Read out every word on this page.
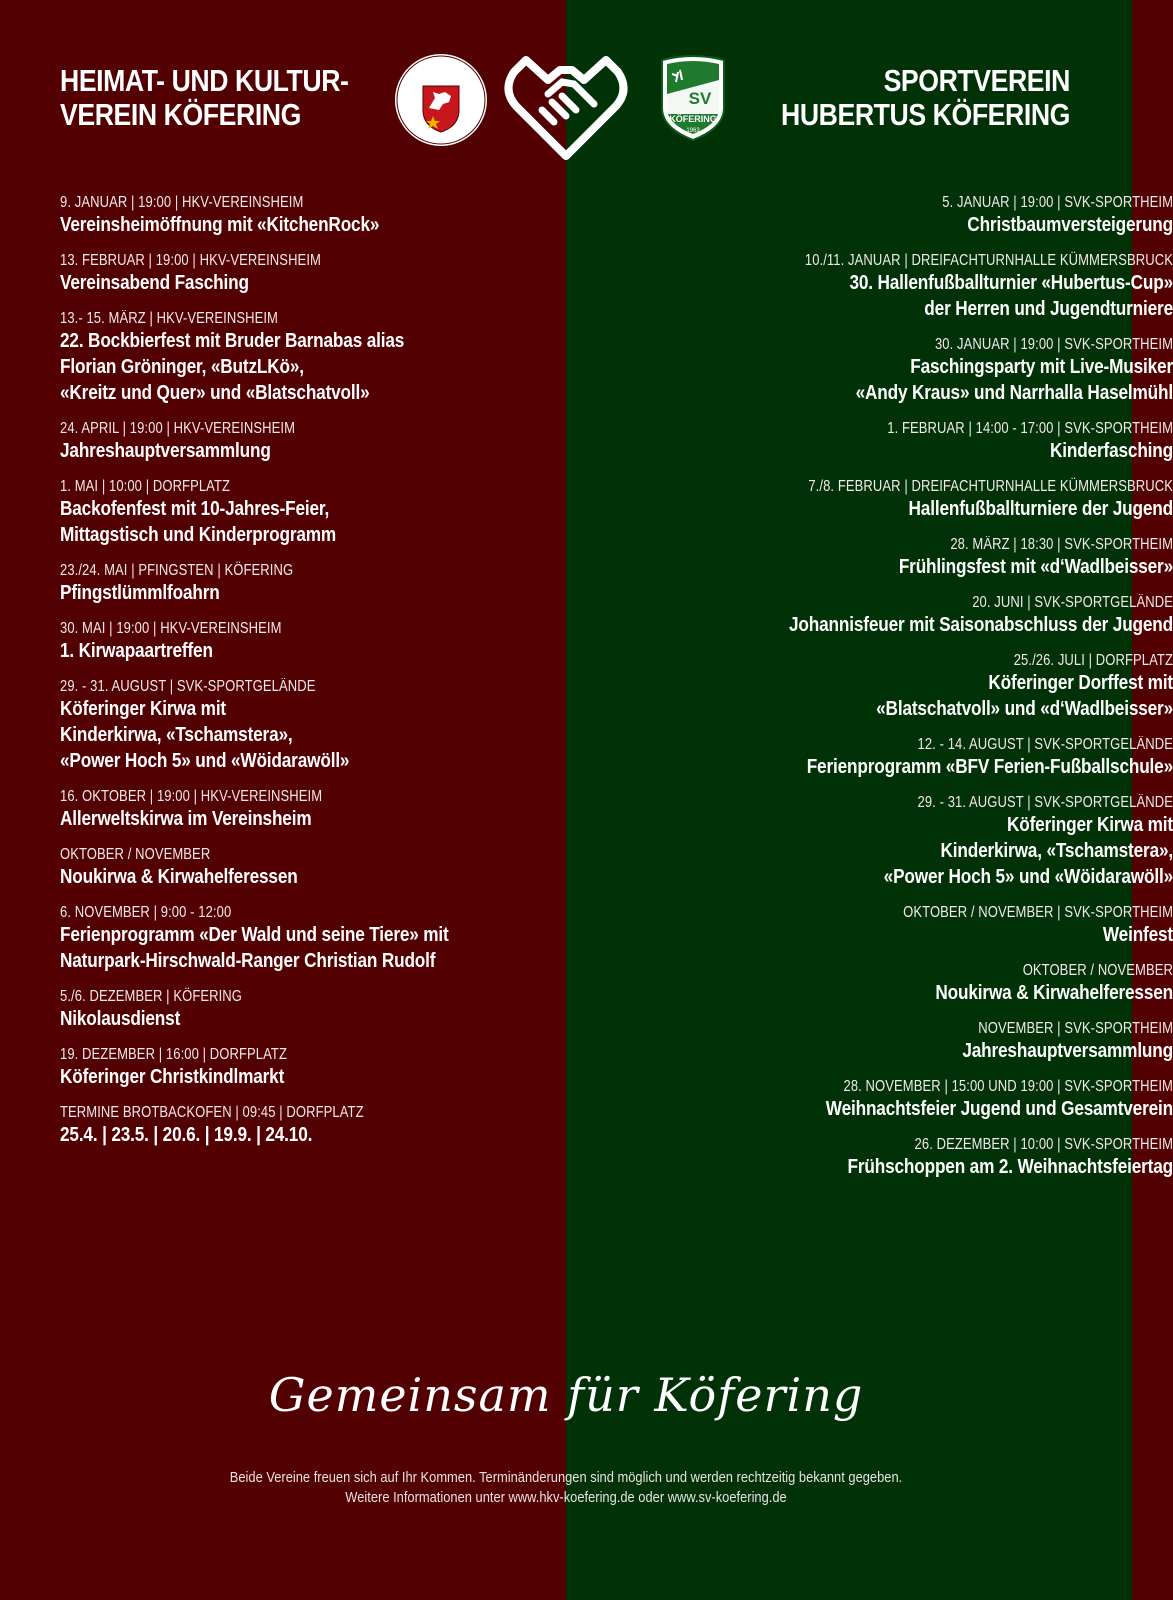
HEIMAT- UND KULTUR-
VEREIN KÖFERING
SPORTVEREIN
HUBERTUS KÖFERING
SV
KÖFERING
1963
9. JANUAR | 19:00 | HKV-VEREINSHEIM
Vereinsheimöffnung mit «KitchenRock»
13. FEBRUAR | 19:00 | HKV-VEREINSHEIM
Vereinsabend Fasching
13.- 15. MÄRZ | HKV-VEREINSHEIM
22. Bockbierfest mit Bruder Barnabas alias
Florian Gröninger, «ButzLKö»,
«Kreitz und Quer» und «Blatschatvoll»
24. APRIL | 19:00 | HKV-VEREINSHEIM
Jahreshauptversammlung
1. MAI | 10:00 | DORFPLATZ
Backofenfest mit 10-Jahres-Feier,
Mittagstisch und Kinderprogramm
23./24. MAI | PFINGSTEN | KÖFERING
Pfingstlümmlfoahrn
30. MAI | 19:00 | HKV-VEREINSHEIM
1. Kirwapaartreffen
29. - 31. AUGUST | SVK-SPORTGELÄNDE
Köferinger Kirwa mit
Kinderkirwa, «Tschamstera»,
«Power Hoch 5» und «Wöidarawöll»
16. OKTOBER | 19:00 | HKV-VEREINSHEIM
Allerweltskirwa im Vereinsheim
OKTOBER / NOVEMBER
Noukirwa & Kirwahelferessen
6. NOVEMBER | 9:00 - 12:00
Ferienprogramm «Der Wald und seine Tiere» mit
Naturpark-Hirschwald-Ranger Christian Rudolf
5./6. DEZEMBER | KÖFERING
Nikolausdienst
19. DEZEMBER | 16:00 | DORFPLATZ
Köferinger Christkindlmarkt
TERMINE BROTBACKOFEN | 09:45 | DORFPLATZ
25.4. | 23.5. | 20.6. | 19.9. | 24.10.
5. JANUAR | 19:00 | SVK-SPORTHEIM
Christbaumversteigerung
10./11. JANUAR | DREIFACHTURNHALLE KÜMMERSBRUCK
30. Hallenfußballturnier «Hubertus-Cup»
der Herren und Jugendturniere
30. JANUAR | 19:00 | SVK-SPORTHEIM
Faschingsparty mit Live-Musiker
«Andy Kraus» und Narrhalla Haselmühl
1. FEBRUAR | 14:00 - 17:00 | SVK-SPORTHEIM
Kinderfasching
7./8. FEBRUAR | DREIFACHTURNHALLE KÜMMERSBRUCK
Hallenfußballturniere der Jugend
28. MÄRZ | 18:30 | SVK-SPORTHEIM
Frühlingsfest mit «d‘Wadlbeisser»
20. JUNI | SVK-SPORTGELÄNDE
Johannisfeuer mit Saisonabschluss der Jugend
25./26. JULI | DORFPLATZ
Köferinger Dorffest mit
«Blatschatvoll» und «d‘Wadlbeisser»
12. - 14. AUGUST | SVK-SPORTGELÄNDE
Ferienprogramm «BFV Ferien-Fußballschule»
29. - 31. AUGUST | SVK-SPORTGELÄNDE
Köferinger Kirwa mit
Kinderkirwa, «Tschamstera»,
«Power Hoch 5» und «Wöidarawöll»
OKTOBER / NOVEMBER | SVK-SPORTHEIM
Weinfest
OKTOBER / NOVEMBER
Noukirwa & Kirwahelferessen
NOVEMBER | SVK-SPORTHEIM
Jahreshauptversammlung
28. NOVEMBER | 15:00 UND 19:00 | SVK-SPORTHEIM
Weihnachtsfeier Jugend und Gesamtverein
26. DEZEMBER | 10:00 | SVK-SPORTHEIM
Frühschoppen am 2. Weihnachtsfeiertag
Gemeinsam für Köfering
Beide Vereine freuen sich auf Ihr Kommen. Terminänderungen sind möglich und werden rechtzeitig bekannt gegeben.
Weitere Informationen unter www.hkv-koefering.de oder www.sv-koefering.de
